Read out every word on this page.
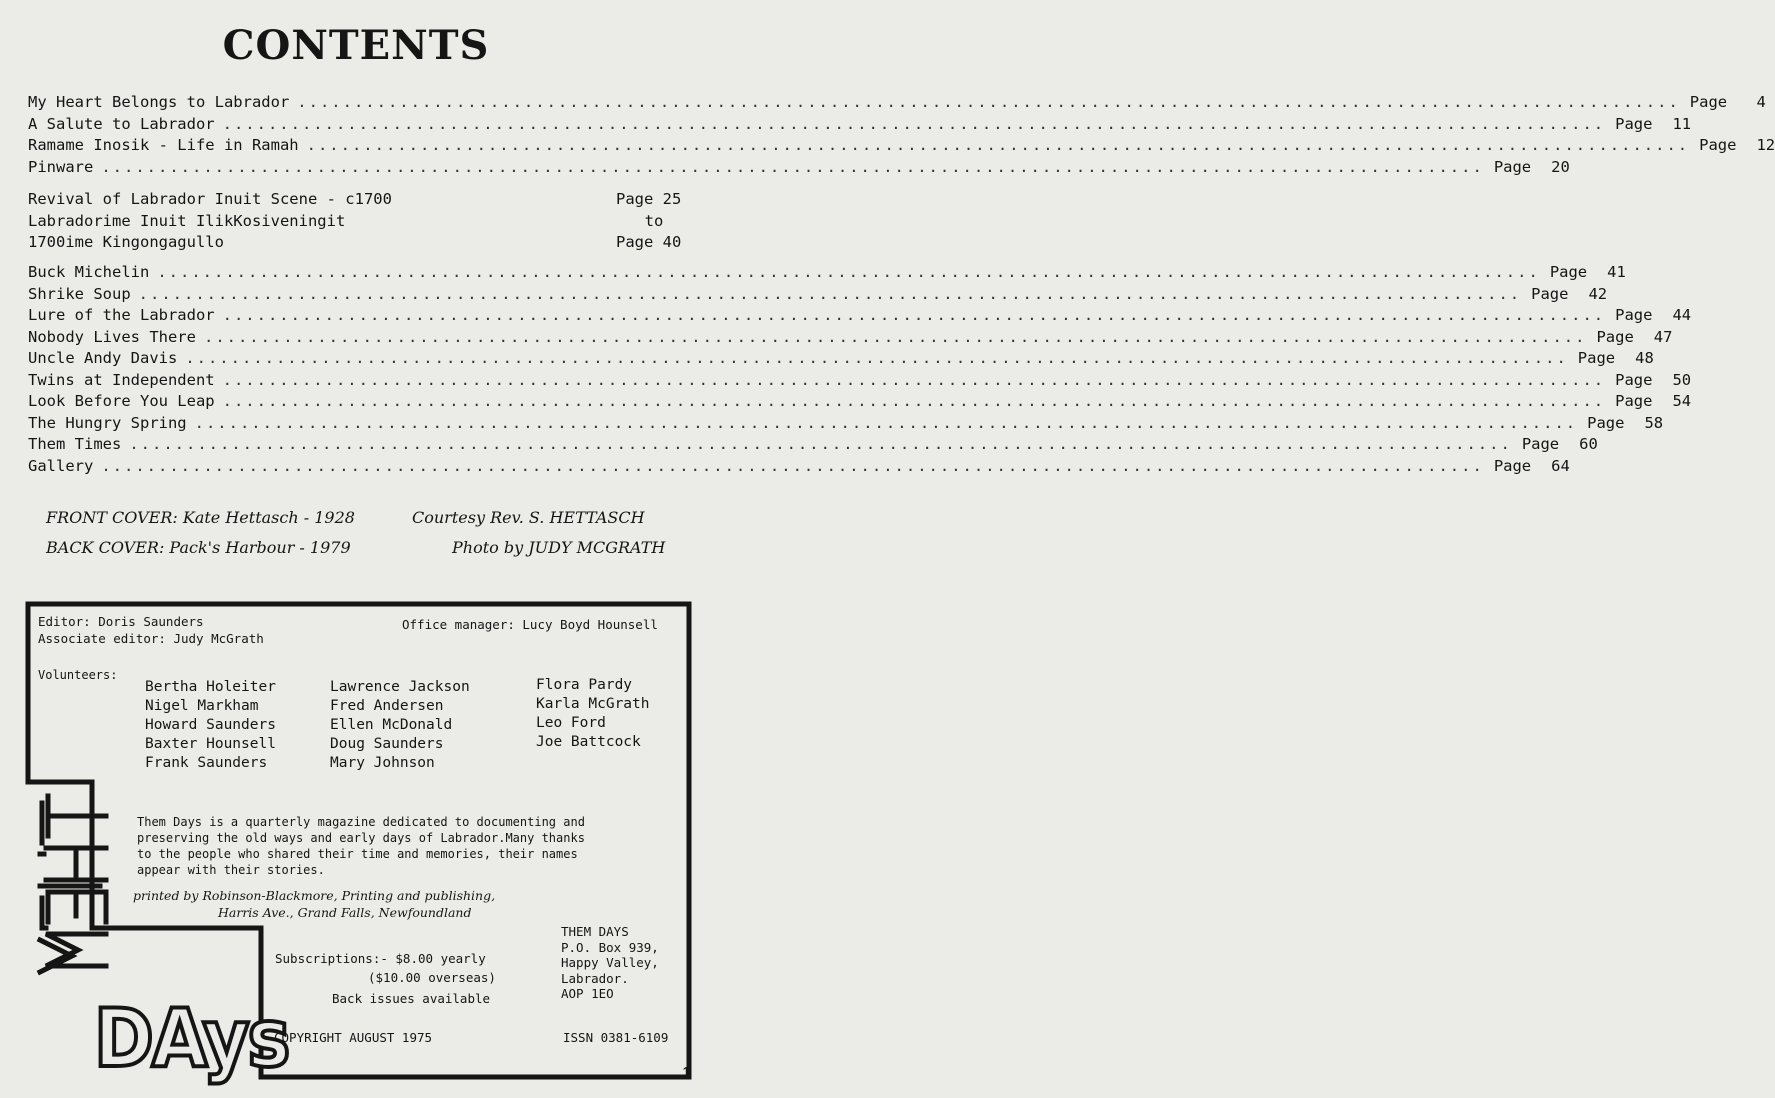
CONTENTS
My Heart Belongs to Labrador .....	Page 4
A Salute to Labrador .....	Page 11
Ramame Inosik - Life in Ramah .....	Page 12
Pinware .....	Page 20
Revival of Labrador Inuit Scene - c1700	Page 25
Labradorime Inuit IlikKosiveningit	to
1700ime Kingongagullo	Page 40
Buck Michelin .....	Page 41
Shrike Soup .....	Page 42
Lure of the Labrador .....	Page 44
Nobody Lives There .....	Page 47
Uncle Andy Davis .....	Page 48
Twins at Independent .....	Page 50
Look Before You Leap .....	Page 54
The Hungry Spring .....	Page 58
Them Times .....	Page 60
Gallery .....	Page 64
FRONT COVER: Kate Hettasch - 1928	Courtesy Rev. S. HETTASCH
BACK COVER: Pack's Harbour - 1979	Photo by JUDY MCGRATH
Editor: Doris Saunders
Associate editor: Judy McGrath
Office manager: Lucy Boyd Hounsell
Volunteers:
Bertha Holeiter
Nigel Markham
Howard Saunders
Baxter Hounsell
Frank Saunders
Lawrence Jackson
Fred Andersen
Ellen McDonald
Doug Saunders
Mary Johnson
Flora Pardy
Karla McGrath
Leo Ford
Joe Battcock
DAys
Them Days is a quarterly magazine dedicated to documenting and
preserving the old ways and early days of Labrador.Many thanks
to the people who shared their time and memories, their names
appear with their stories.
printed by Robinson-Blackmore, Printing and publishing,
Harris Ave., Grand Falls, Newfoundland
Subscriptions:- $8.00 yearly
($10.00 overseas)
Back issues available
THEM DAYS
P.O. Box 939,
Happy Valley,
Labrador.
AOP 1EO
COPYRIGHT AUGUST 1975	ISSN 0381-6109
1
